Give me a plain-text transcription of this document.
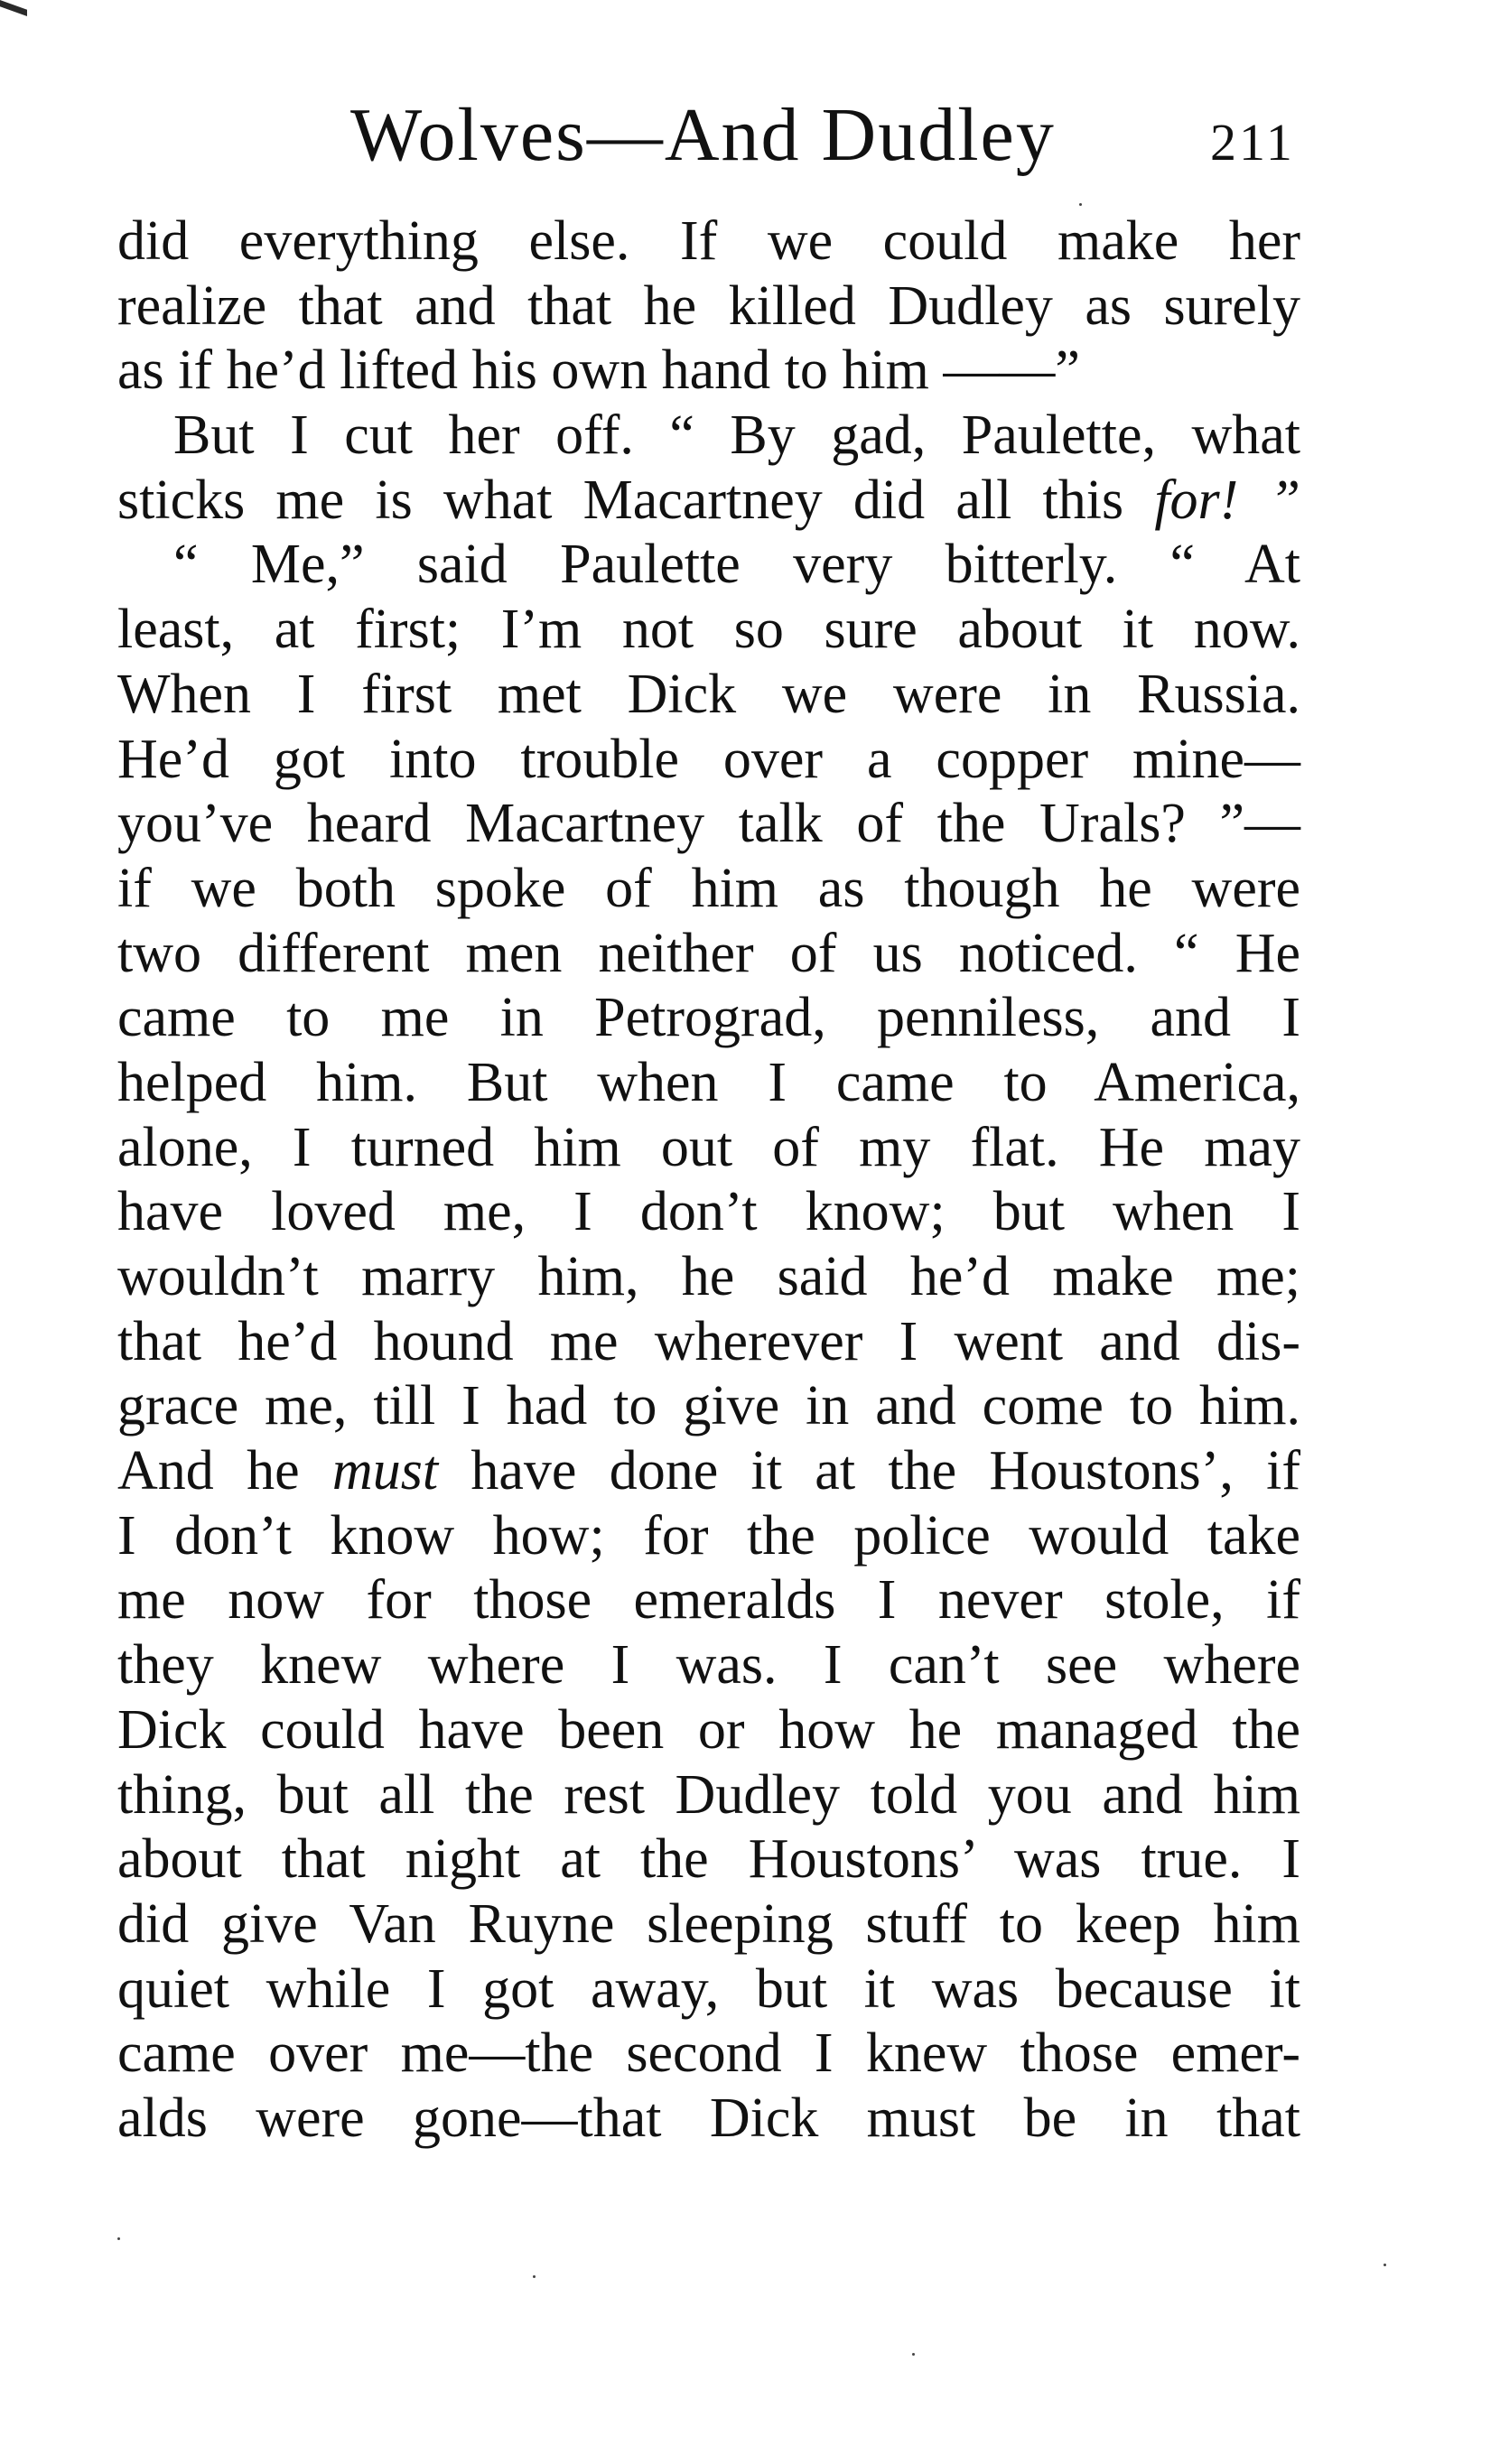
Wolves—And Dudley	211
did everything else. If we could make her
realize that and that he killed Dudley as surely
as if he’d lifted his own hand to him ——”
But I cut her off. “ By gad, Paulette, what
sticks me is what Macartney did all this for! ”
“ Me,” said Paulette very bitterly. “ At
least, at first; I’m not so sure about it now.
When I first met Dick we were in Russia.
He’d got into trouble over a copper mine—
you’ve heard Macartney talk of the Urals? ”—
if we both spoke of him as though he were
two different men neither of us noticed. “ He
came to me in Petrograd, penniless, and I
helped him. But when I came to America,
alone, I turned him out of my flat. He may
have loved me, I don’t know; but when I
wouldn’t marry him, he said he’d make me;
that he’d hound me wherever I went and dis-
grace me, till I had to give in and come to him.
And he must have done it at the Houstons’, if
I don’t know how; for the police would take
me now for those emeralds I never stole, if
they knew where I was. I can’t see where
Dick could have been or how he managed the
thing, but all the rest Dudley told you and him
about that night at the Houstons’ was true. I
did give Van Ruyne sleeping stuff to keep him
quiet while I got away, but it was because it
came over me—the second I knew those emer-
alds were gone—that Dick must be in that
